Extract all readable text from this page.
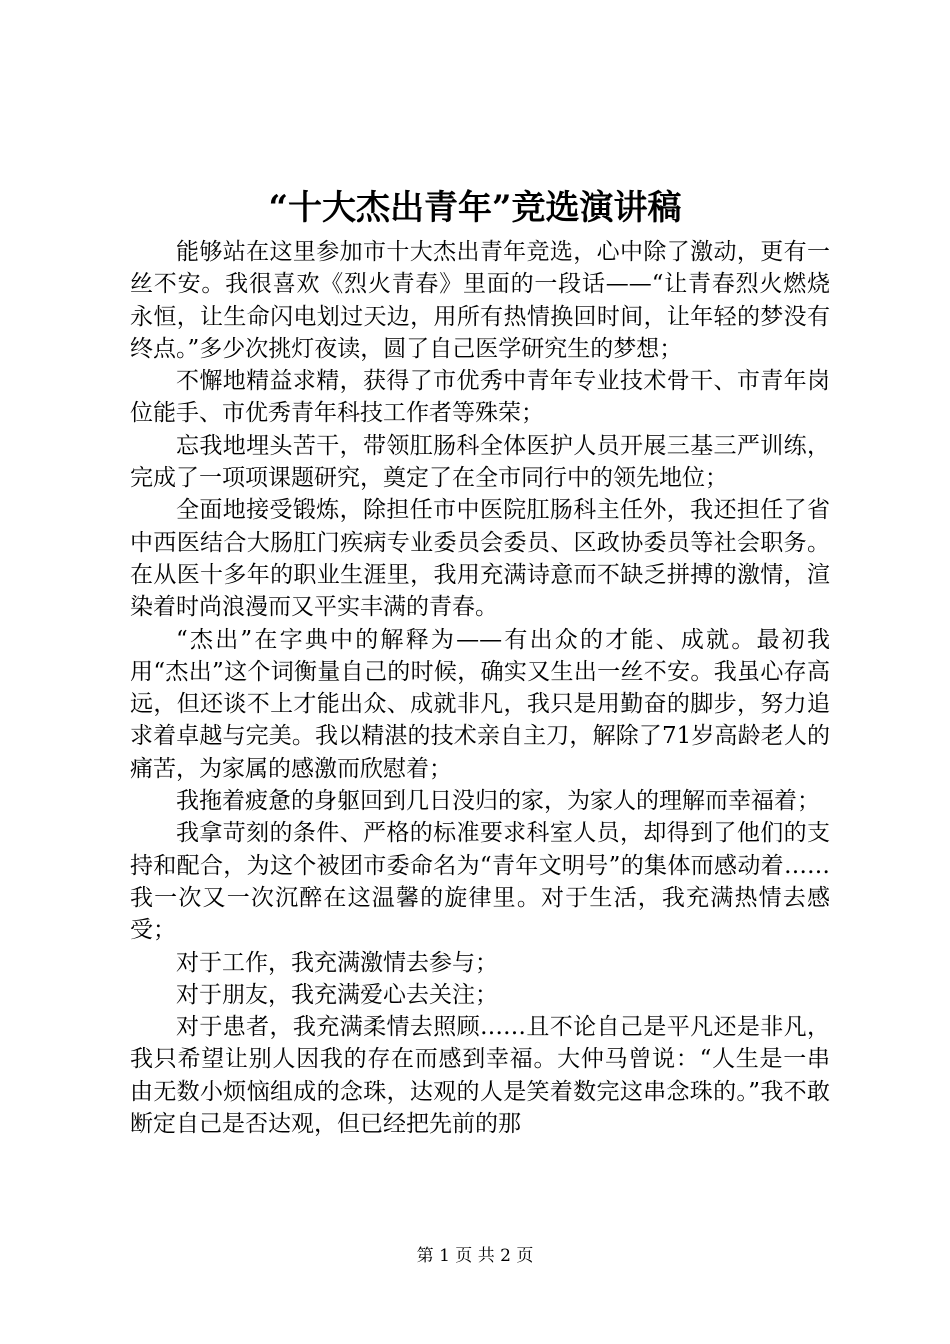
“十大杰出青年”竞选演讲稿

能够站在这里参加市十大杰出青年竞选，心中除了激动，更有一丝不安。我很喜欢《烈火青春》里面的一段话——“让青春烈火燃烧永恒，让生命闪电划过天边，用所有热情换回时间，让年轻的梦没有终点。”多少次挑灯夜读，圆了自己医学研究生的梦想；

不懈地精益求精，获得了市优秀中青年专业技术骨干、市青年岗位能手、市优秀青年科技工作者等殊荣；

忘我地埋头苦干，带领肛肠科全体医护人员开展三基三严训练，完成了一项项课题研究，奠定了在全市同行中的领先地位；

全面地接受锻炼，除担任市中医院肛肠科主任外，我还担任了省中西医结合大肠肛门疾病专业委员会委员、区政协委员等社会职务。在从医十多年的职业生涯里，我用充满诗意而不缺乏拼搏的激情，渲染着时尚浪漫而又平实丰满的青春。

“杰出”在字典中的解释为——有出众的才能、成就。最初我用“杰出”这个词衡量自己的时候，确实又生出一丝不安。我虽心存高远，但还谈不上才能出众、成就非凡，我只是用勤奋的脚步，努力追求着卓越与完美。我以精湛的技术亲自主刀，解除了71岁高龄老人的痛苦，为家属的感激而欣慰着；

我拖着疲惫的身躯回到几日没归的家，为家人的理解而幸福着；

我拿苛刻的条件、严格的标准要求科室人员，却得到了他们的支持和配合，为这个被团市委命名为“青年文明号”的集体而感动着……我一次又一次沉醉在这温馨的旋律里。对于生活，我充满热情去感受；

对于工作，我充满激情去参与；

对于朋友，我充满爱心去关注；

对于患者，我充满柔情去照顾……且不论自己是平凡还是非凡，我只希望让别人因我的存在而感到幸福。大仲马曾说：“人生是一串由无数小烦恼组成的念珠，达观的人是笑着数完这串念珠的。”我不敢断定自己是否达观，但已经把先前的那

第 1 页 共 2 页
